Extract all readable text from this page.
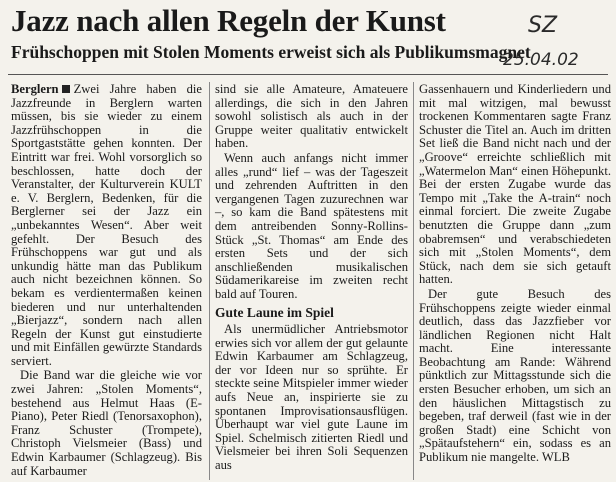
Jazz nach allen Regeln der Kunst	SZ
Frühschoppen mit Stolen Moments erweist sich als Publikumsmagnet
25.04.02

Berglern Zwei Jahre haben die Jazzfreunde in Berglern warten müssen, bis sie wieder zu einem Jazzfrühschoppen in die Sportgaststätte gehen konnten. Der Eintritt war frei. Wohl vorsorglich so beschlossen, hatte doch der Veranstalter, der Kulturverein KULT e. V. Berglern, Bedenken, für die Berglerner sei der Jazz ein „unbekanntes Wesen“. Aber weit gefehlt. Der Besuch des Frühschoppens war gut und als unkundig hätte man das Publikum auch nicht bezeichnen können. So bekam es verdientermaßen keinen biederen und nur unterhaltenden „Bierjazz“, sondern nach allen Regeln der Kunst gut einstudierte und mit Einfällen gewürzte Standards serviert.

Die Band war die gleiche wie vor zwei Jahren: „Stolen Moments“, bestehend aus Helmut Haas (E-Piano), Peter Riedl (Tenorsaxophon), Franz Schuster (Trompete), Christoph Vielsmeier (Bass) und Edwin Karbaumer (Schlagzeug). Bis auf Karbaumer

sind sie alle Amateure, Amateuere allerdings, die sich in den Jahren sowohl solistisch als auch in der Gruppe weiter qualitativ entwickelt haben.

Wenn auch anfangs nicht immer alles „rund“ lief – was der Tageszeit und zehrenden Auftritten in den vergangenen Tagen zuzurechnen war –, so kam die Band spätestens mit dem antreibenden Sonny-Rollins-Stück „St. Thomas“ am Ende des ersten Sets und der sich anschließenden musikalischen Südamerikareise im zweiten recht bald auf Touren.

Gute Laune im Spiel

Als unermüdlicher Antriebsmotor erwies sich vor allem der gut gelaunte Edwin Karbaumer am Schlagzeug, der vor Ideen nur so sprühte. Er steckte seine Mitspieler immer wieder aufs Neue an, inspirierte sie zu spontanen Improvisationsausflügen. Überhaupt war viel gute Laune im Spiel. Schelmisch zitierten Riedl und Vielsmeier bei ihren Soli Sequenzen aus

Gassenhauern und Kinderliedern und mit mal witzigen, mal bewusst trockenen Kommentaren sagte Franz Schuster die Titel an. Auch im dritten Set ließ die Band nicht nach und der „Groove“ erreichte schließlich mit „Watermelon Man“ einen Höhepunkt. Bei der ersten Zugabe wurde das Tempo mit „Take the A-train“ noch einmal forciert. Die zweite Zugabe benutzten die Gruppe dann „zum obabremsen“ und verabschiedeten sich mit „Stolen Moments“, dem Stück, nach dem sie sich getauft hatten.

Der gute Besuch des Frühschoppens zeigte wieder einmal deutlich, dass das Jazzfieber vor ländlichen Regionen nicht Halt macht. Eine interessante Beobachtung am Rande: Während pünktlich zur Mittagsstunde sich die ersten Besucher erhoben, um sich an den häuslichen Mittagstisch zu begeben, traf derweil (fast wie in der großen Stadt) eine Schicht von „Spätaufstehern“ ein, sodass es an Publikum nie mangelte. WLB
